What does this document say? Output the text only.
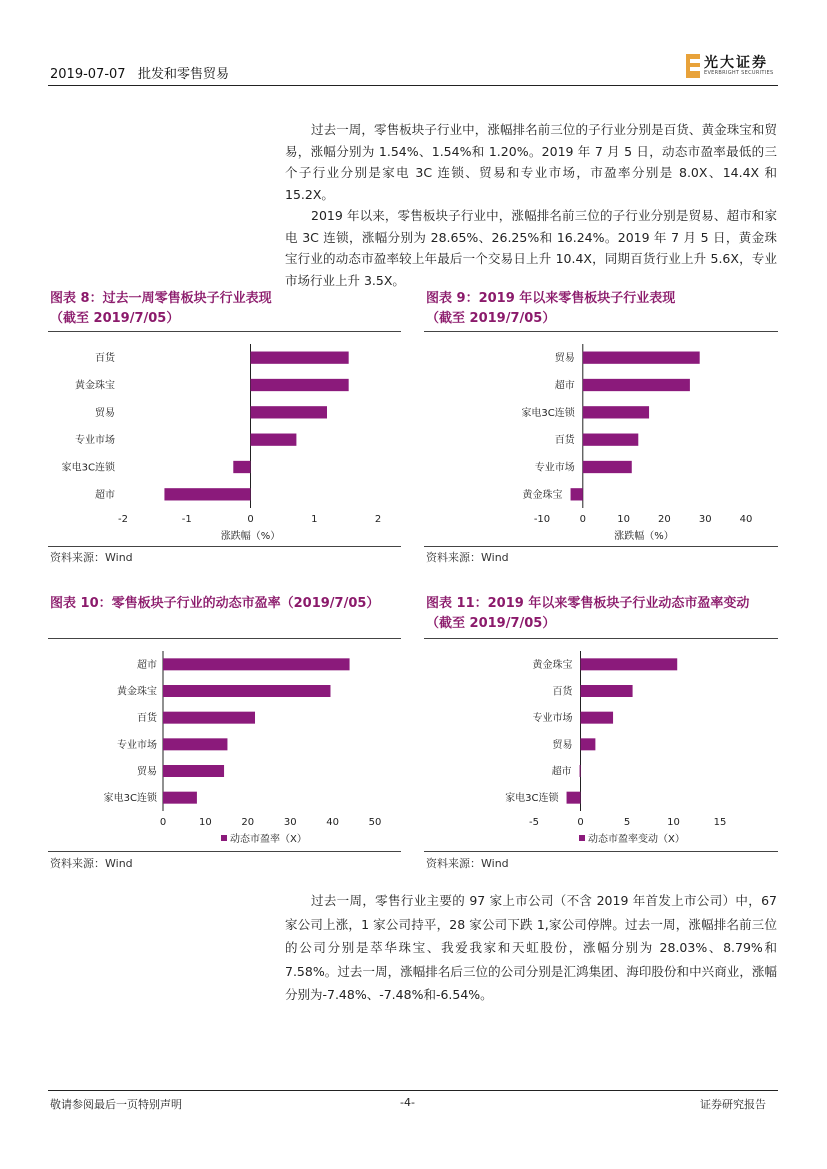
2019-07-07 批发和零售贸易
光大证券
EVERBRIGHT SECURITIES

过去一周，零售板块子行业中，涨幅排名前三位的子行业分别是百货、黄金珠宝和贸易，涨幅分别为 1.54%、1.54%和 1.20%。2019 年 7 月 5 日，动态市盈率最低的三个子行业分别是家电 3C 连锁、贸易和专业市场，市盈率分别是 8.0X、14.4X 和 15.2X。

2019 年以来，零售板块子行业中，涨幅排名前三位的子行业分别是贸易、超市和家电 3C 连锁，涨幅分别为 28.65%、26.25%和 16.24%。2019 年 7 月 5 日，黄金珠宝行业的动态市盈率较上年最后一个交易日上升 10.4X，同期百货行业上升 5.6X，专业市场行业上升 3.5X。

图表 8：过去一周零售板块子行业表现
（截至 2019/7/05）
百货
黄金珠宝
贸易
专业市场
家电3C连锁
超市
-2	-1	0	1	2
涨跌幅（%）
资料来源：Wind
图表 9：2019 年以来零售板块子行业表现
（截至 2019/7/05）
贸易
超市
家电3C连锁
百货
专业市场
黄金珠宝
-10	0	10	20	30	40
涨跌幅（%）
资料来源：Wind
图表 10：零售板块子行业的动态市盈率（2019/7/05）
超市
黄金珠宝
百货
专业市场
贸易
家电3C连锁
0	10	20	30	40	50
动态市盈率（X）
资料来源：Wind
图表 11：2019 年以来零售板块子行业动态市盈率变动
（截至 2019/7/05）
黄金珠宝
百货
专业市场
贸易
超市
家电3C连锁
-5	0	5	10	15
动态市盈率变动（X）
资料来源：Wind

过去一周，零售行业主要的 97 家上市公司（不含 2019 年首发上市公司）中，67 家公司上涨，1 家公司持平，28 家公司下跌 1,家公司停牌。过去一周，涨幅排名前三位的公司分别是萃华珠宝、我爱我家和天虹股份，涨幅分别为 28.03%、8.79%和 7.58%。过去一周，涨幅排名后三位的公司分别是汇鸿集团、海印股份和中兴商业，涨幅分别为-7.48%、-7.48%和-6.54%。

敬请参阅最后一页特别声明	-4-	证券研究报告
